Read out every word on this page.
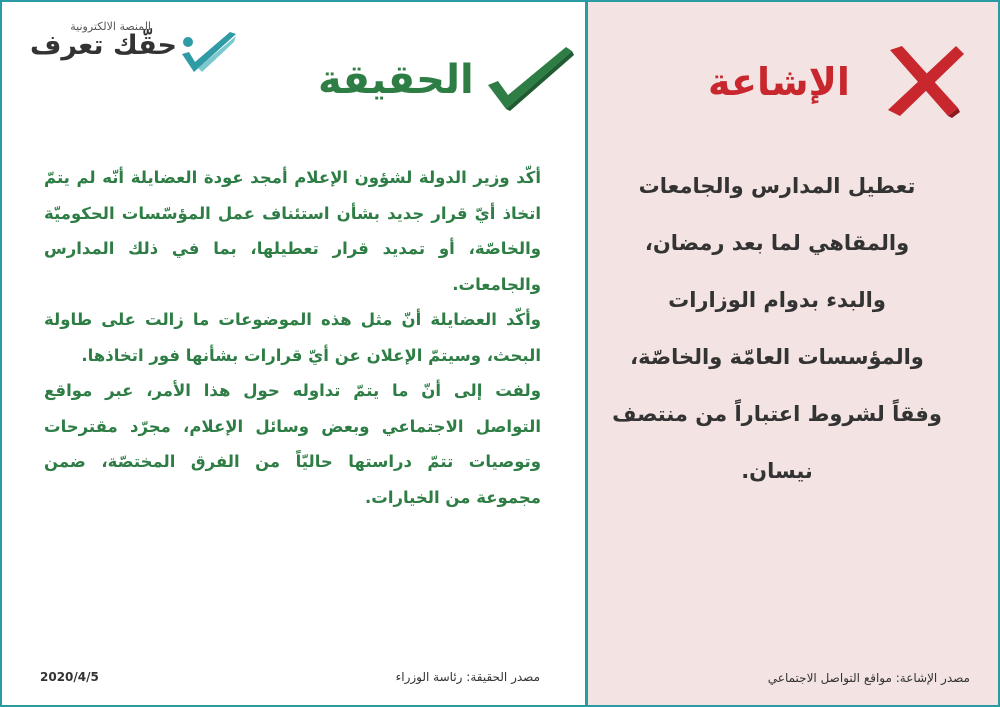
المنصة الالكترونية
حقّك تعرف
الحقيقة	الإشاعة

أكّد وزير الدولة لشؤون الإعلام أمجد عودة العضايلة أنّه لم يتمّ اتخاذ أيّ قرار جديد بشأن استئناف عمل المؤسّسات الحكوميّة والخاصّة، أو تمديد قرار تعطيلها، بما في ذلك المدارس والجامعات.

وأكّد العضايلة أنّ مثل هذه الموضوعات ما زالت على طاولة البحث، وسيتمّ الإعلان عن أيّ قرارات بشأنها فور اتخاذها.

ولفت إلى أنّ ما يتمّ تداوله حول هذا الأمر، عبر مواقع التواصل الاجتماعي وبعض وسائل الإعلام، مجرّد مقترحات وتوصيات تتمّ دراستها حاليّاً من الفرق المختصّة، ضمن مجموعة من الخيارات.

تعطيل المدارس والجامعات والمقاهي لما بعد رمضان، والبدء بدوام الوزارات والمؤسسات العامّة والخاصّة، وفقاً لشروط اعتباراً من منتصف نيسان.
2020/4/5	مصدر الحقيقة: رئاسة الوزراء	مصدر الإشاعة: مواقع التواصل الاجتماعي
